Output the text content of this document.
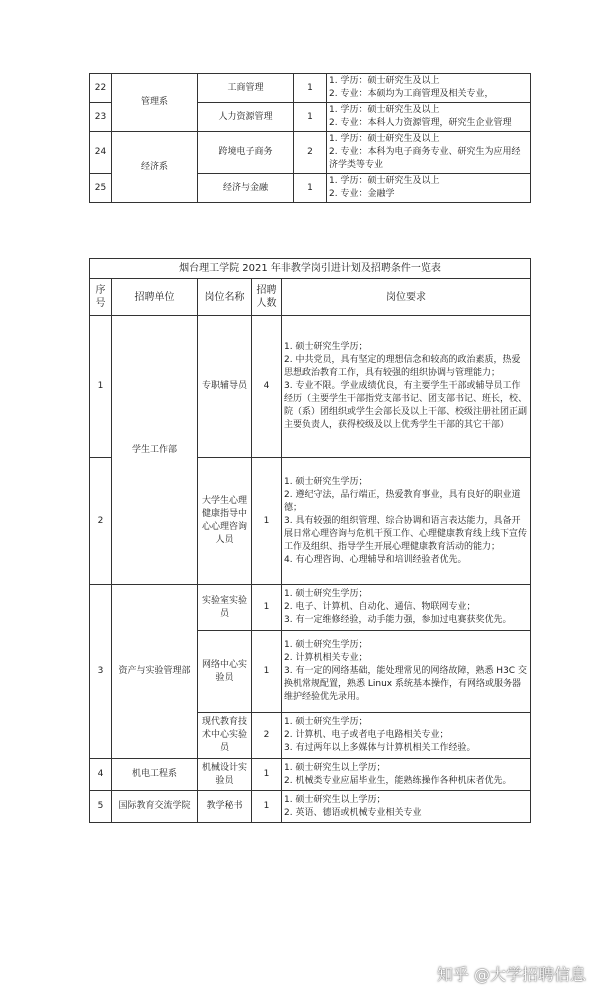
22	管理系	工商管理	1	1. 学历：硕士研究生及以上
2. 专业：本硕均为工商管理及相关专业，

23		人力资源管理	1	1. 学历：硕士研究生及以上
2. 专业：本科人力资源管理，研究生企业管理

24	经济系	跨境电子商务	2	1. 学历：硕士研究生及以上
2. 专业：本科为电子商务专业、研究生为应用经济学类等专业

25		经济与金融	1	1. 学历：硕士研究生及以上
2. 专业：金融学
烟台理工学院 2021 年非教学岗引进计划及招聘条件一览表				
序号	招聘单位	岗位名称	招聘人数	岗位要求
1	学生工作部	专职辅导员	4	1. 硕士研究生学历；
2. 中共党员，具有坚定的理想信念和较高的政治素质，热爱思想政治教育工作，具有较强的组织协调与管理能力；
3. 专业不限。学业成绩优良，有主要学生干部或辅导员工作经历（主要学生干部指党支部书记、团支部书记、班长，校、院（系）团组织或学生会部长及以上干部、校级注册社团正副主要负责人，获得校级及以上优秀学生干部的其它干部）

2		大学生心理健康指导中心心理咨询人员	1	1. 硕士研究生学历；
2. 遵纪守法，品行端正，热爱教育事业，具有良好的职业道德；
3. 具有较强的组织管理、综合协调和语言表达能力，具备开展日常心理咨询与危机干预工作、心理健康教育线上线下宣传工作及组织、指导学生开展心理健康教育活动的能力；
4. 有心理咨询、心理辅导和培训经验者优先。

3	资产与实验管理部	实验室实验员	1	1. 硕士研究生学历；
2. 电子、计算机、自动化、通信、物联网专业；
3. 有一定维修经验，动手能力强，参加过电赛获奖优先。

		网络中心实验员	1	1. 硕士研究生学历；
2. 计算机相关专业；
3. 有一定的网络基础，能处理常见的网络故障，熟悉 H3C 交换机常规配置，熟悉 Linux 系统基本操作，有网络或服务器维护经验优先录用。

		现代教育技术中心实验员	2	1. 硕士研究生学历；
2. 计算机、电子或者电子电路相关专业；
3. 有过两年以上多媒体与计算机相关工作经验。

4	机电工程系	机械设计实验员	1	1. 硕士研究生以上学历；
2. 机械类专业应届毕业生，能熟练操作各种机床者优先。

5	国际教育交流学院	教学秘书	1	1. 硕士研究生以上学历；
2. 英语、德语或机械专业相关专业
知乎 @大学招聘信息
